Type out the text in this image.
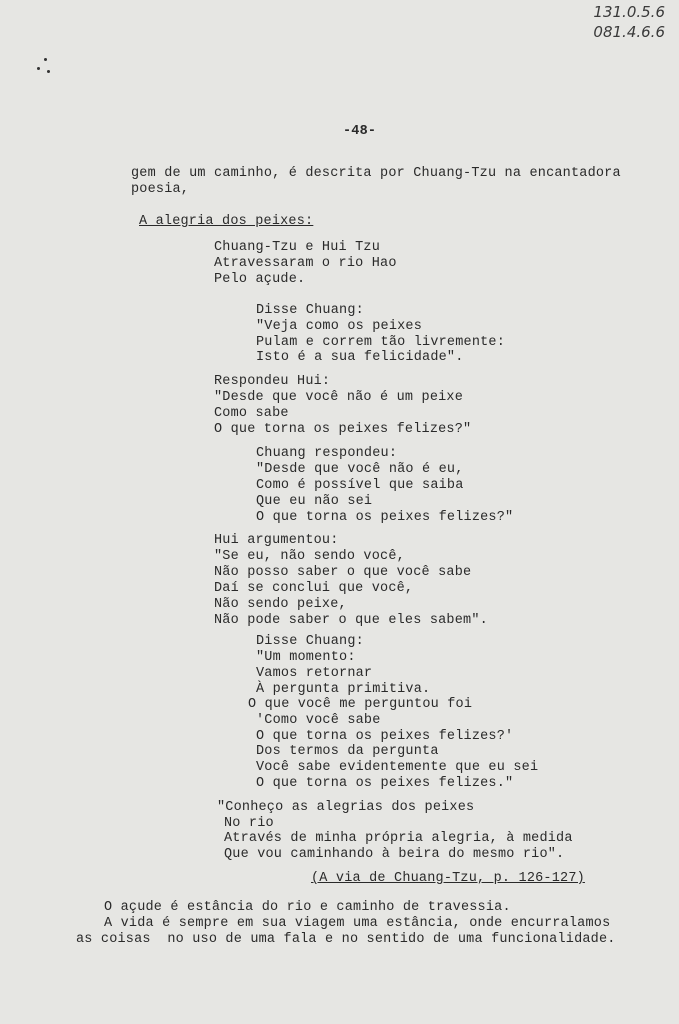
131.0.5.6
081.4.6.6
-48-
gem de um caminho, é descrita por Chuang-Tzu na encantadora
poesia,
A alegria dos peixes:
Chuang-Tzu e Hui Tzu
Atravessaram o rio Hao
Pelo açude.
Disse Chuang:
"Veja como os peixes
Pulam e correm tão livremente:
Isto é a sua felicidade".
Respondeu Hui:
"Desde que você não é um peixe
Como sabe
O que torna os peixes felizes?"
Chuang respondeu:
"Desde que você não é eu,
Como é possível que saiba
Que eu não sei
O que torna os peixes felizes?"
Hui argumentou:
"Se eu, não sendo você,
Não posso saber o que você sabe
Daí se conclui que você,
Não sendo peixe,
Não pode saber o que eles sabem".
Disse Chuang:
"Um momento:
Vamos retornar
À pergunta primitiva.
O que você me perguntou foi
'Como você sabe
O que torna os peixes felizes?'
Dos termos da pergunta
Você sabe evidentemente que eu sei
O que torna os peixes felizes."
"Conheço as alegrias dos peixes
No rio
Através de minha própria alegria, à medida
Que vou caminhando à beira do mesmo rio".
(A via de Chuang-Tzu, p. 126-127)
O açude é estância do rio e caminho de travessia.
A vida é sempre em sua viagem uma estância, onde encurralamos
as coisas  no uso de uma fala e no sentido de uma funcionalidade.
